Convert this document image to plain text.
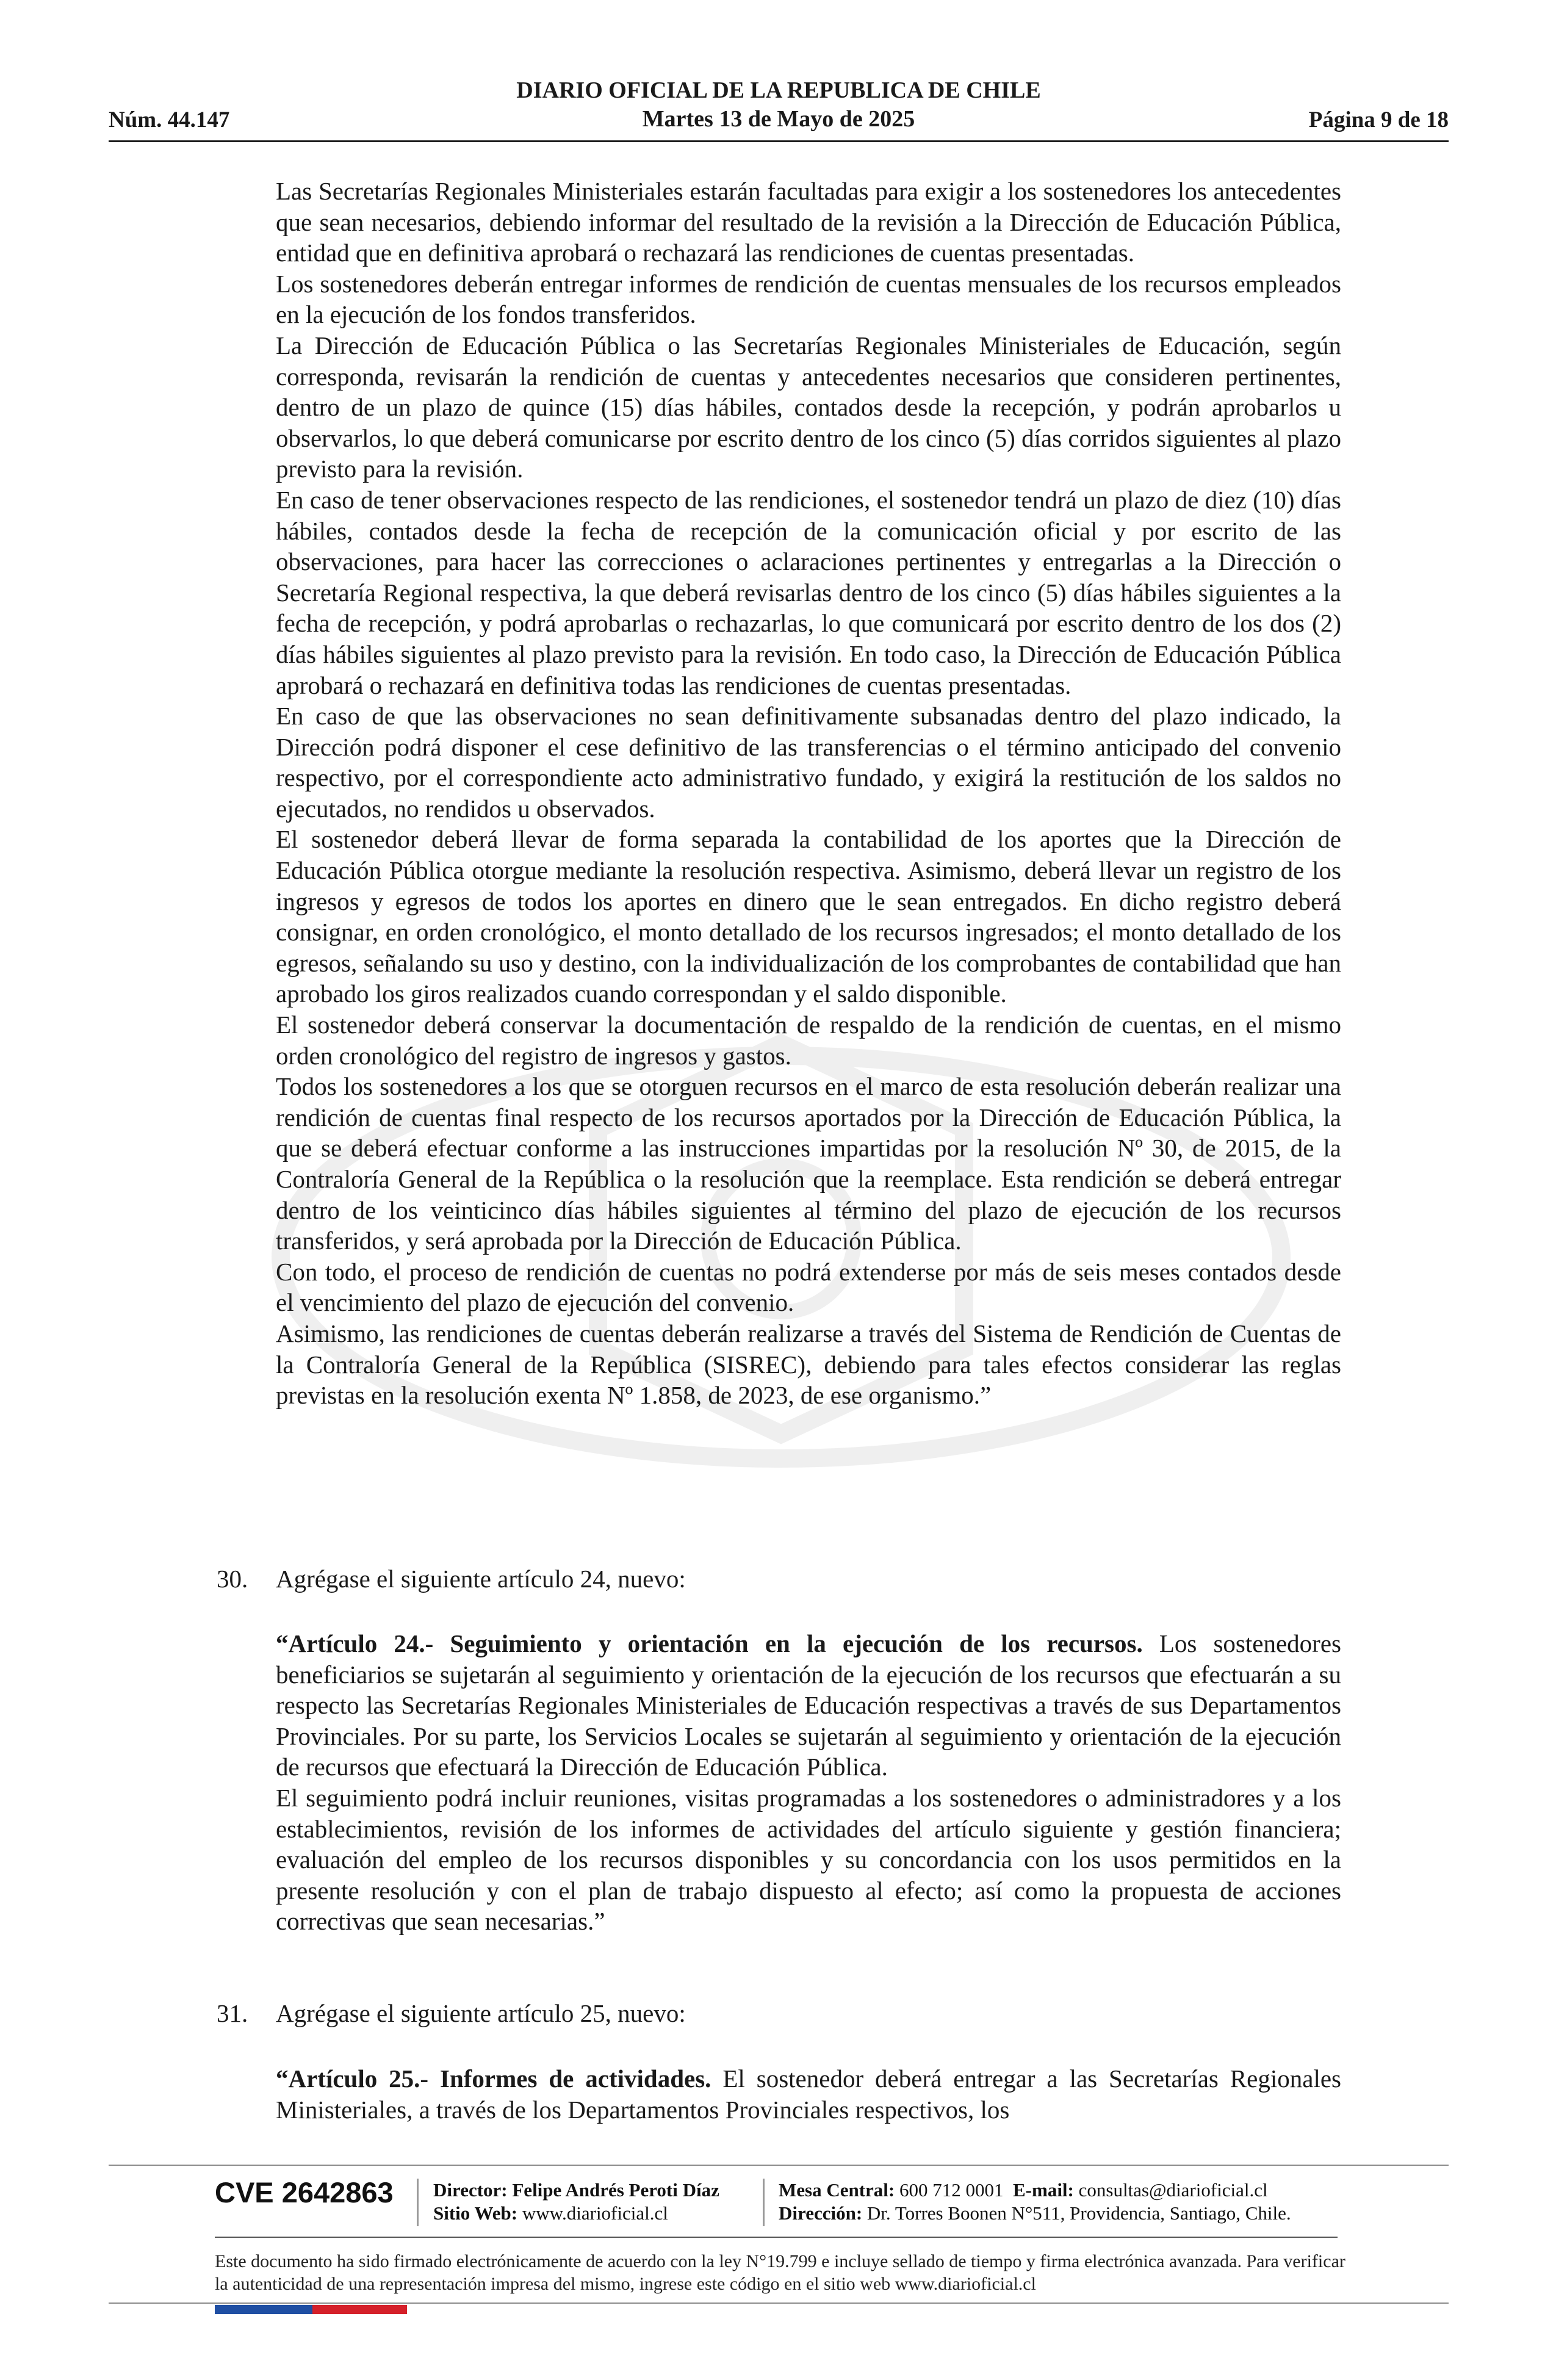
Núm. 44.147
DIARIO OFICIAL DE LA REPUBLICA DE CHILE
Martes 13 de Mayo de 2025	Página 9 de 18

Las Secretarías Regionales Ministeriales estarán facultadas para exigir a los sostenedores los antecedentes que sean necesarios, debiendo informar del resultado de la revisión a la Dirección de Educación Pública, entidad que en definitiva aprobará o rechazará las rendiciones de cuentas presentadas.

Los sostenedores deberán entregar informes de rendición de cuentas mensuales de los recursos empleados en la ejecución de los fondos transferidos.

La Dirección de Educación Pública o las Secretarías Regionales Ministeriales de Educación, según corresponda, revisarán la rendición de cuentas y antecedentes necesarios que consideren pertinentes, dentro de un plazo de quince (15) días hábiles, contados desde la recepción, y podrán aprobarlos u observarlos, lo que deberá comunicarse por escrito dentro de los cinco (5) días corridos siguientes al plazo previsto para la revisión.

En caso de tener observaciones respecto de las rendiciones, el sostenedor tendrá un plazo de diez (10) días hábiles, contados desde la fecha de recepción de la comunicación oficial y por escrito de las observaciones, para hacer las correcciones o aclaraciones pertinentes y entregarlas a la Dirección o Secretaría Regional respectiva, la que deberá revisarlas dentro de los cinco (5) días hábiles siguientes a la fecha de recepción, y podrá aprobarlas o rechazarlas, lo que comunicará por escrito dentro de los dos (2) días hábiles siguientes al plazo previsto para la revisión. En todo caso, la Dirección de Educación Pública aprobará o rechazará en definitiva todas las rendiciones de cuentas presentadas.

En caso de que las observaciones no sean definitivamente subsanadas dentro del plazo indicado, la Dirección podrá disponer el cese definitivo de las transferencias o el término anticipado del convenio respectivo, por el correspondiente acto administrativo fundado, y exigirá la restitución de los saldos no ejecutados, no rendidos u observados.

El sostenedor deberá llevar de forma separada la contabilidad de los aportes que la Dirección de Educación Pública otorgue mediante la resolución respectiva. Asimismo, deberá llevar un registro de los ingresos y egresos de todos los aportes en dinero que le sean entregados. En dicho registro deberá consignar, en orden cronológico, el monto detallado de los recursos ingresados; el monto detallado de los egresos, señalando su uso y destino, con la individualización de los comprobantes de contabilidad que han aprobado los giros realizados cuando correspondan y el saldo disponible.

El sostenedor deberá conservar la documentación de respaldo de la rendición de cuentas, en el mismo orden cronológico del registro de ingresos y gastos.

Todos los sostenedores a los que se otorguen recursos en el marco de esta resolución deberán realizar una rendición de cuentas final respecto de los recursos aportados por la Dirección de Educación Pública, la que se deberá efectuar conforme a las instrucciones impartidas por la resolución Nº 30, de 2015, de la Contraloría General de la República o la resolución que la reemplace. Esta rendición se deberá entregar dentro de los veinticinco días hábiles siguientes al término del plazo de ejecución de los recursos transferidos, y será aprobada por la Dirección de Educación Pública.

Con todo, el proceso de rendición de cuentas no podrá extenderse por más de seis meses contados desde el vencimiento del plazo de ejecución del convenio.

Asimismo, las rendiciones de cuentas deberán realizarse a través del Sistema de Rendición de Cuentas de la Contraloría General de la República (SISREC), debiendo para tales efectos considerar las reglas previstas en la resolución exenta Nº 1.858, de 2023, de ese organismo.”

30. Agrégase el siguiente artículo 24, nuevo:

“Artículo 24.- Seguimiento y orientación en la ejecución de los recursos. Los sostenedores beneficiarios se sujetarán al seguimiento y orientación de la ejecución de los recursos que efectuarán a su respecto las Secretarías Regionales Ministeriales de Educación respectivas a través de sus Departamentos Provinciales. Por su parte, los Servicios Locales se sujetarán al seguimiento y orientación de la ejecución de recursos que efectuará la Dirección de Educación Pública.

El seguimiento podrá incluir reuniones, visitas programadas a los sostenedores o administradores y a los establecimientos, revisión de los informes de actividades del artículo siguiente y gestión financiera; evaluación del empleo de los recursos disponibles y su concordancia con los usos permitidos en la presente resolución y con el plan de trabajo dispuesto al efecto; así como la propuesta de acciones correctivas que sean necesarias.”

31. Agrégase el siguiente artículo 25, nuevo:

“Artículo 25.- Informes de actividades. El sostenedor deberá entregar a las Secretarías Regionales Ministeriales, a través de los Departamentos Provinciales respectivos, los

CVE 2642863 Director: Felipe Andrés Peroti Díaz
Sitio Web: www.diarioficial.cl
Mesa Central: 600 712 0001 E-mail: consultas@diarioficial.cl
Dirección: Dr. Torres Boonen N°511, Providencia, Santiago, Chile.
Este documento ha sido firmado electrónicamente de acuerdo con la ley N°19.799 e incluye sellado de tiempo y firma electrónica avanzada. Para verificar la autenticidad de una representación impresa del mismo, ingrese este código en el sitio web www.diarioficial.cl
